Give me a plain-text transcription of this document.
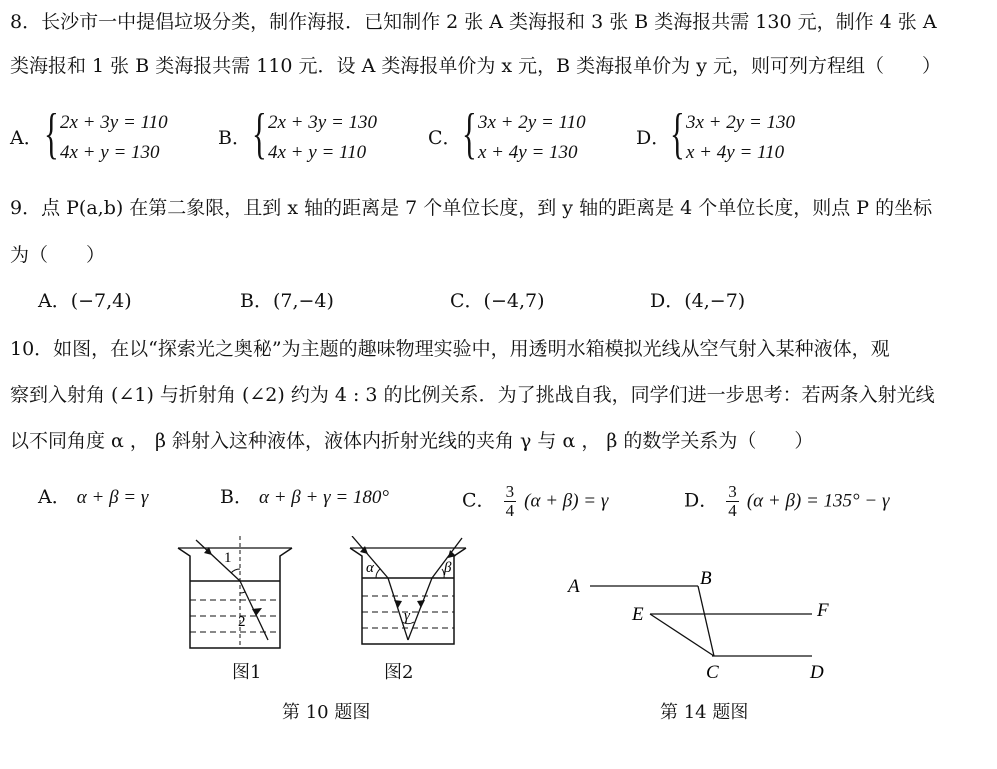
8．长沙市一中提倡垃圾分类，制作海报．已知制作 2 张 A 类海报和 3 张 B 类海报共需 130 元，制作 4 张 A
类海报和 1 张 B 类海报共需 110 元．设 A 类海报单价为 x 元，B 类海报单价为 y 元，则可列方程组（　　）
A． { 2x + 3y = 110
4x + y = 130
B． { 2x + 3y = 130
4x + y = 110
C． { 3x + 2y = 110
x + 4y = 130
D． { 3x + 2y = 130
x + 4y = 110
9．点 P(a,b) 在第二象限，且到 x 轴的距离是 7 个单位长度，到 y 轴的距离是 4 个单位长度，则点 P 的坐标
为（　　）
A．(−7,4)	B．(7,−4)	C．(−4,7)	D．(4,−7)
10．如图，在以“探索光之奥秘”为主题的趣味物理实验中，用透明水箱模拟光线从空气射入某种液体，观
察到入射角 (∠1) 与折射角 (∠2) 约为 4 : 3 的比例关系．为了挑战自我，同学们进一步思考：若两条入射光线
以不同角度 α ， β 斜射入这种液体，液体内折射光线的夹角 γ 与 α ， β 的数学关系为（　　）
A． α + β = γ	B． α + β + γ = 180°	C． $\frac{3}{4} (\alpha + \beta) = \gamma$	D． $\frac{3}{4} (\alpha + \beta) = 135^\circ - \gamma$
1
2
图1
α	β
γ
图2
第 10 题图
A	B
E	F
C	D
第 14 题图
